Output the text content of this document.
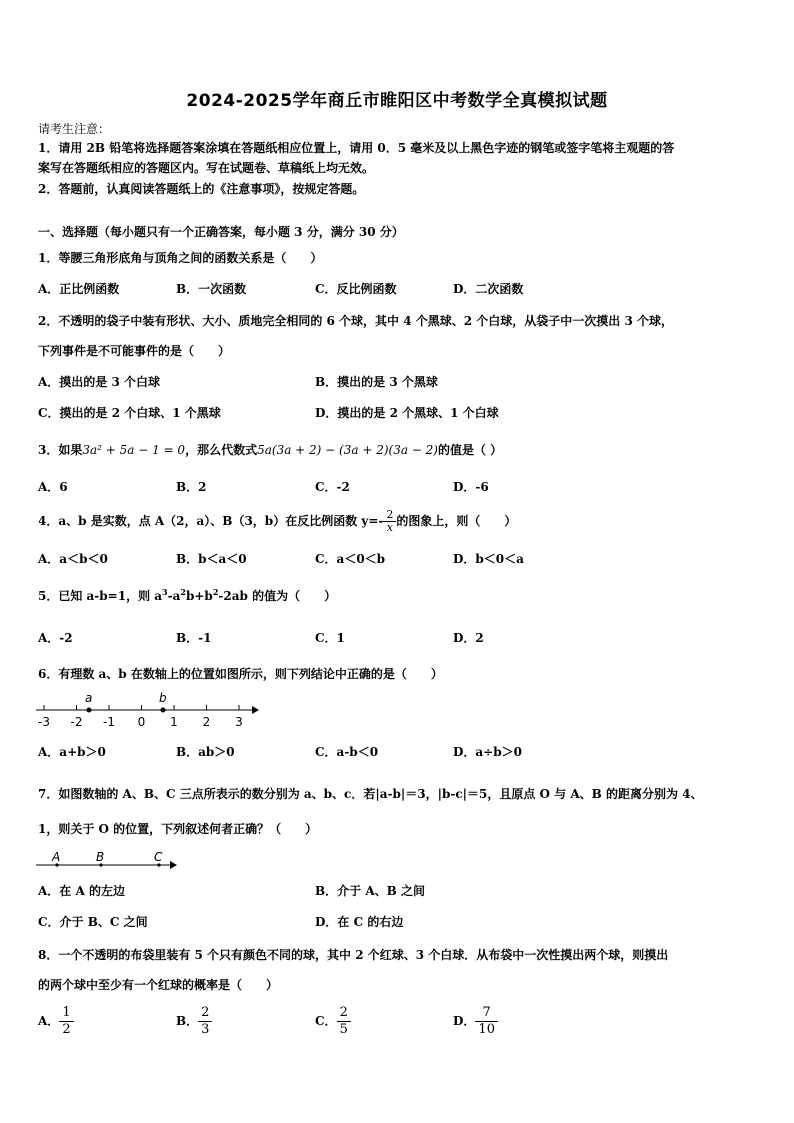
2024-2025学年商丘市睢阳区中考数学全真模拟试题
请考生注意：
1．请用 2B 铅笔将选择题答案涂填在答题纸相应位置上，请用 0．5 毫米及以上黑色字迹的钢笔或签字笔将主观题的答
案写在答题纸相应的答题区内。写在试题卷、草稿纸上均无效。
2．答题前，认真阅读答题纸上的《注意事项》，按规定答题。
一、选择题（每小题只有一个正确答案，每小题 3 分，满分 30 分）
1．等腰三角形底角与顶角之间的函数关系是（　　）
A．正比例函数	B．一次函数	C．反比例函数	D．二次函数
2．不透明的袋子中装有形状、大小、质地完全相同的 6 个球，其中 4 个黑球、2 个白球，从袋子中一次摸出 3 个球，
下列事件是不可能事件的是（　　）
A．摸出的是 3 个白球	B．摸出的是 3 个黑球
C．摸出的是 2 个白球、1 个黑球	D．摸出的是 2 个黑球、1 个白球
3．如果3a² + 5a − 1 = 0，那么代数式5a(3a + 2) − (3a + 2)(3a − 2)的值是（ ）
A．6	B．2	C．-2	D．-6
4．a、b 是实数，点 A（2，a）、B（3，b）在反比例函数 $y=- \frac{2}{x}$ 的图象上，则（　　）
A．a＜b＜0	B．b＜a＜0	C．a＜0＜b	D．b＜0＜a
5．已知 a-b=1，则 $a^3-a^2b+b^2-2ab$ 的值为（　　）
A．-2	B．-1	C．1	D．2
6．有理数 a、b 在数轴上的位置如图所示，则下列结论中正确的是（　　）
-3 -2 -1 0 1 2 3
a	b
A．a+b＞0	B．ab＞0	C．a-b＜0	D．a÷b＞0
7．如图数轴的 A、B、C 三点所表示的数分别为 a、b、c．若|a-b|＝3，|b-c|＝5，且原点 O 与 A、B 的距离分别为 4、
1，则关于 O 的位置，下列叙述何者正确？（　　）
A	B	C
A．在 A 的左边	B．介于 A、B 之间
C．介于 B、C 之间	D．在 C 的右边
8．一个不透明的布袋里装有 5 个只有颜色不同的球，其中 2 个红球、3 个白球．从布袋中一次性摸出两个球，则摸出
的两个球中至少有一个红球的概率是（　　）
A． $\frac{1}{2}$	B． $\frac{2}{3}$	C． $\frac{2}{5}$	D． $\frac{7}{10}$
